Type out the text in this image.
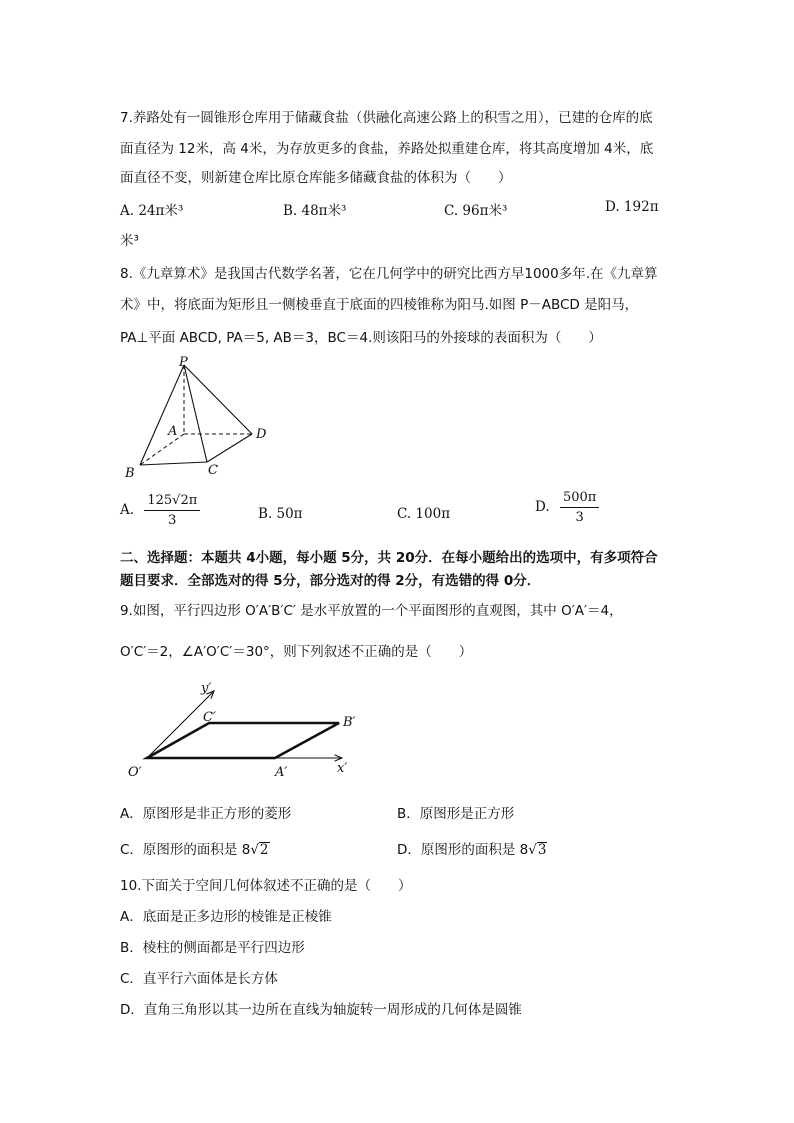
7.养路处有一圆锥形仓库用于储藏食盐（供融化高速公路上的积雪之用），已建的仓库的底
面直径为 12米，高 4米，为存放更多的食盐，养路处拟重建仓库，将其高度增加 4米，底
面直径不变，则新建仓库比原仓库能多储藏食盐的体积为（　　）
A. 24π米³	B. 48π米³	C. 96π米³	D. 192π
米³
8.《九章算术》是我国古代数学名著，它在几何学中的研究比西方早1000多年.在《九章算
术》中，将底面为矩形且一侧棱垂直于底面的四棱锥称为阳马.如图 P－ABCD 是阳马，
PA⊥平面 ABCD, PA＝5, AB＝3，BC＝4.则该阳马的外接球的表面积为（　　）
P
A
B	C
D
A. $\frac{125√2\pi}{3}$	B. 50π	C. 100π	D. $\frac{500\pi}{3}$
二、选择题：本题共 4小题，每小题 5分，共 20分．在每小题给出的选项中，有多项符合
题目要求．全部选对的得 5分，部分选对的得 2分，有选错的得 0分．
9.如图，平行四边形 O′A′B′C′ 是水平放置的一个平面图形的直观图，其中 O′A′＝4，
O′C′＝2，∠A′O′C′＝30°，则下列叙述不正确的是（　　）
O′	A′
B′
C′
x′
y′
A．原图形是非正方形的菱形	B．原图形是正方形
C．原图形的面积是 8√2	D．原图形的面积是 8√3
10.下面关于空间几何体叙述不正确的是（　　）
A．底面是正多边形的棱锥是正棱锥
B．棱柱的侧面都是平行四边形
C．直平行六面体是长方体
D．直角三角形以其一边所在直线为轴旋转一周形成的几何体是圆锥
